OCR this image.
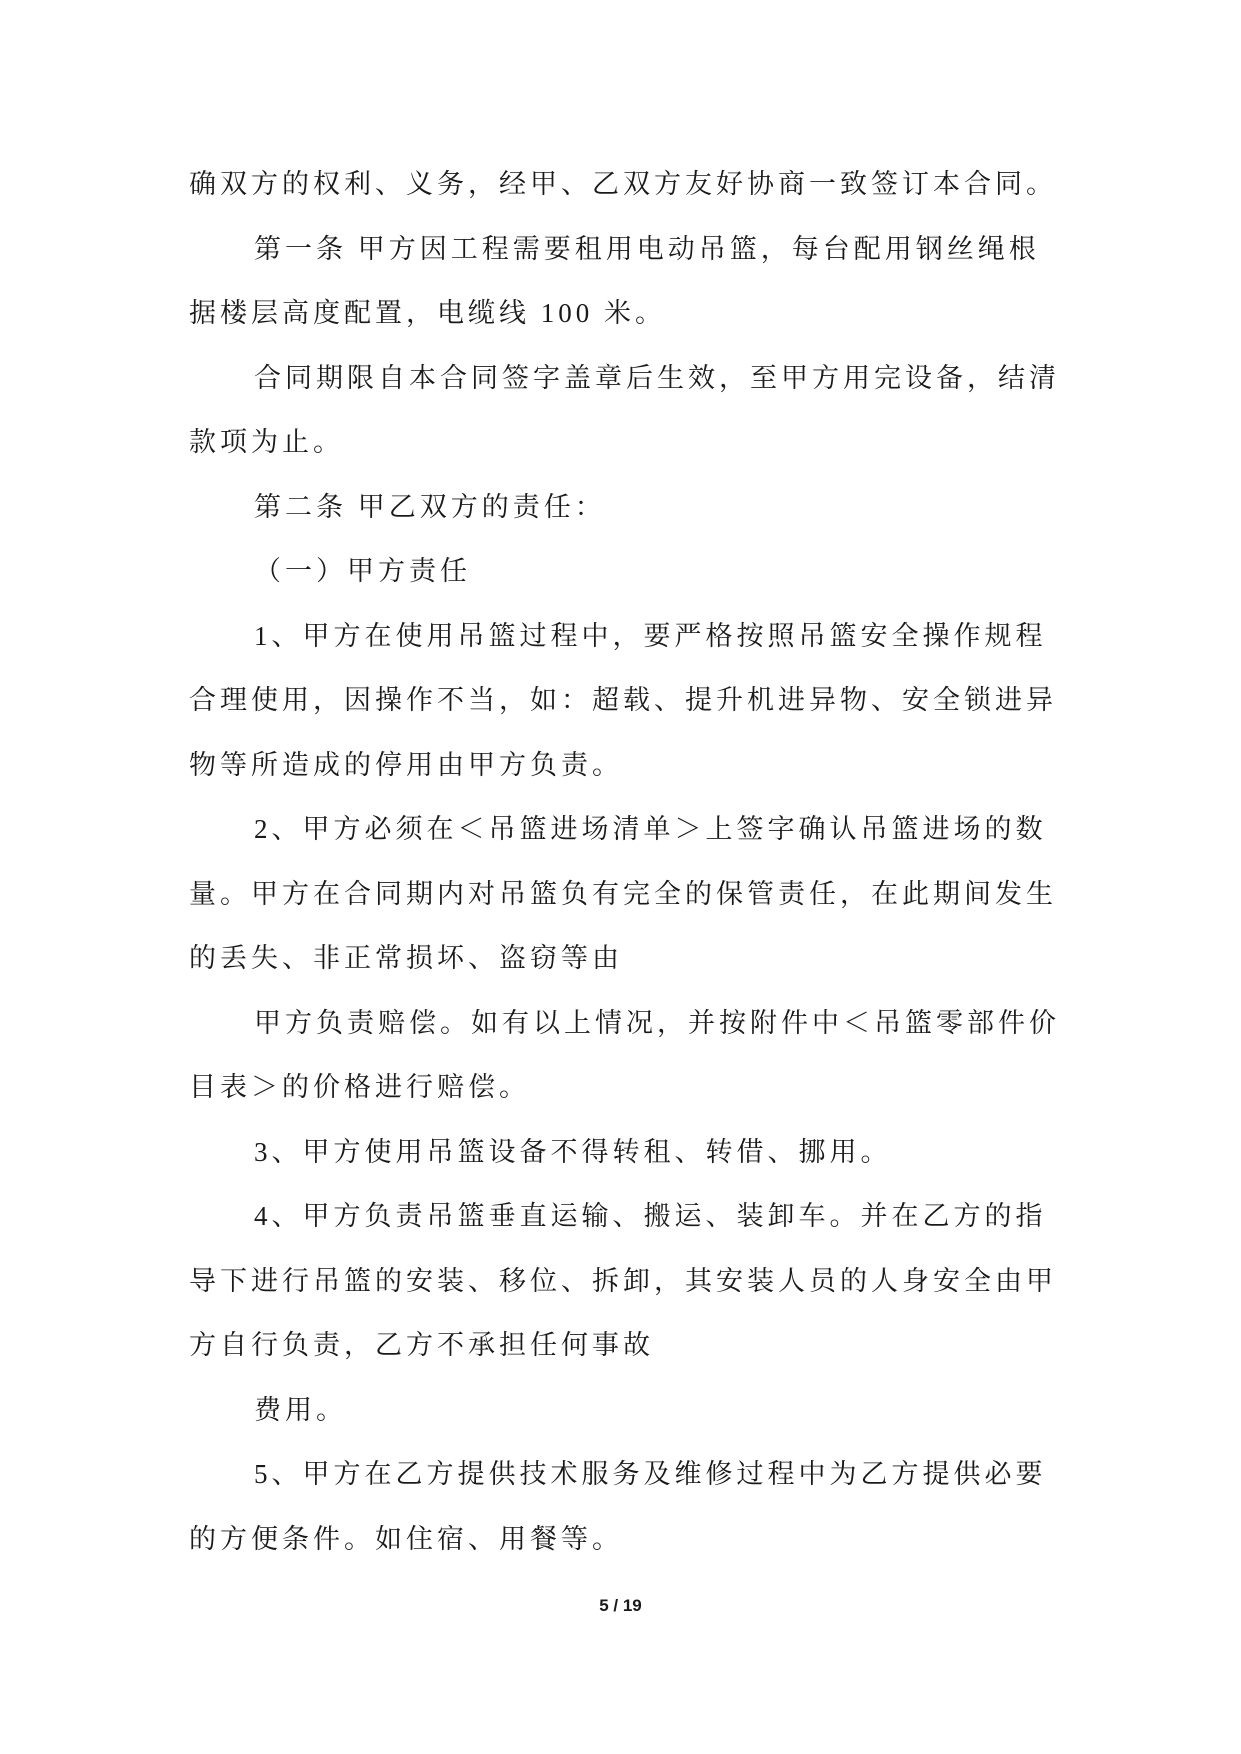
确双方的权利、义务，经甲、乙双方友好协商一致签订本合同。
第一条 甲方因工程需要租用电动吊篮，每台配用钢丝绳根
据楼层高度配置，电缆线 100 米。
合同期限自本合同签字盖章后生效，至甲方用完设备，结清
款项为止。
第二条 甲乙双方的责任：
（一）甲方责任
1、甲方在使用吊篮过程中，要严格按照吊篮安全操作规程
合理使用，因操作不当，如：超载、提升机进异物、安全锁进异
物等所造成的停用由甲方负责。
2、甲方必须在＜吊篮进场清单＞上签字确认吊篮进场的数
量。甲方在合同期内对吊篮负有完全的保管责任，在此期间发生
的丢失、非正常损坏、盗窃等由
甲方负责赔偿。如有以上情况，并按附件中＜吊篮零部件价
目表＞的价格进行赔偿。
3、甲方使用吊篮设备不得转租、转借、挪用。
4、甲方负责吊篮垂直运输、搬运、装卸车。并在乙方的指
导下进行吊篮的安装、移位、拆卸，其安装人员的人身安全由甲
方自行负责，乙方不承担任何事故
费用。
5、甲方在乙方提供技术服务及维修过程中为乙方提供必要
的方便条件。如住宿、用餐等。
5 / 19
